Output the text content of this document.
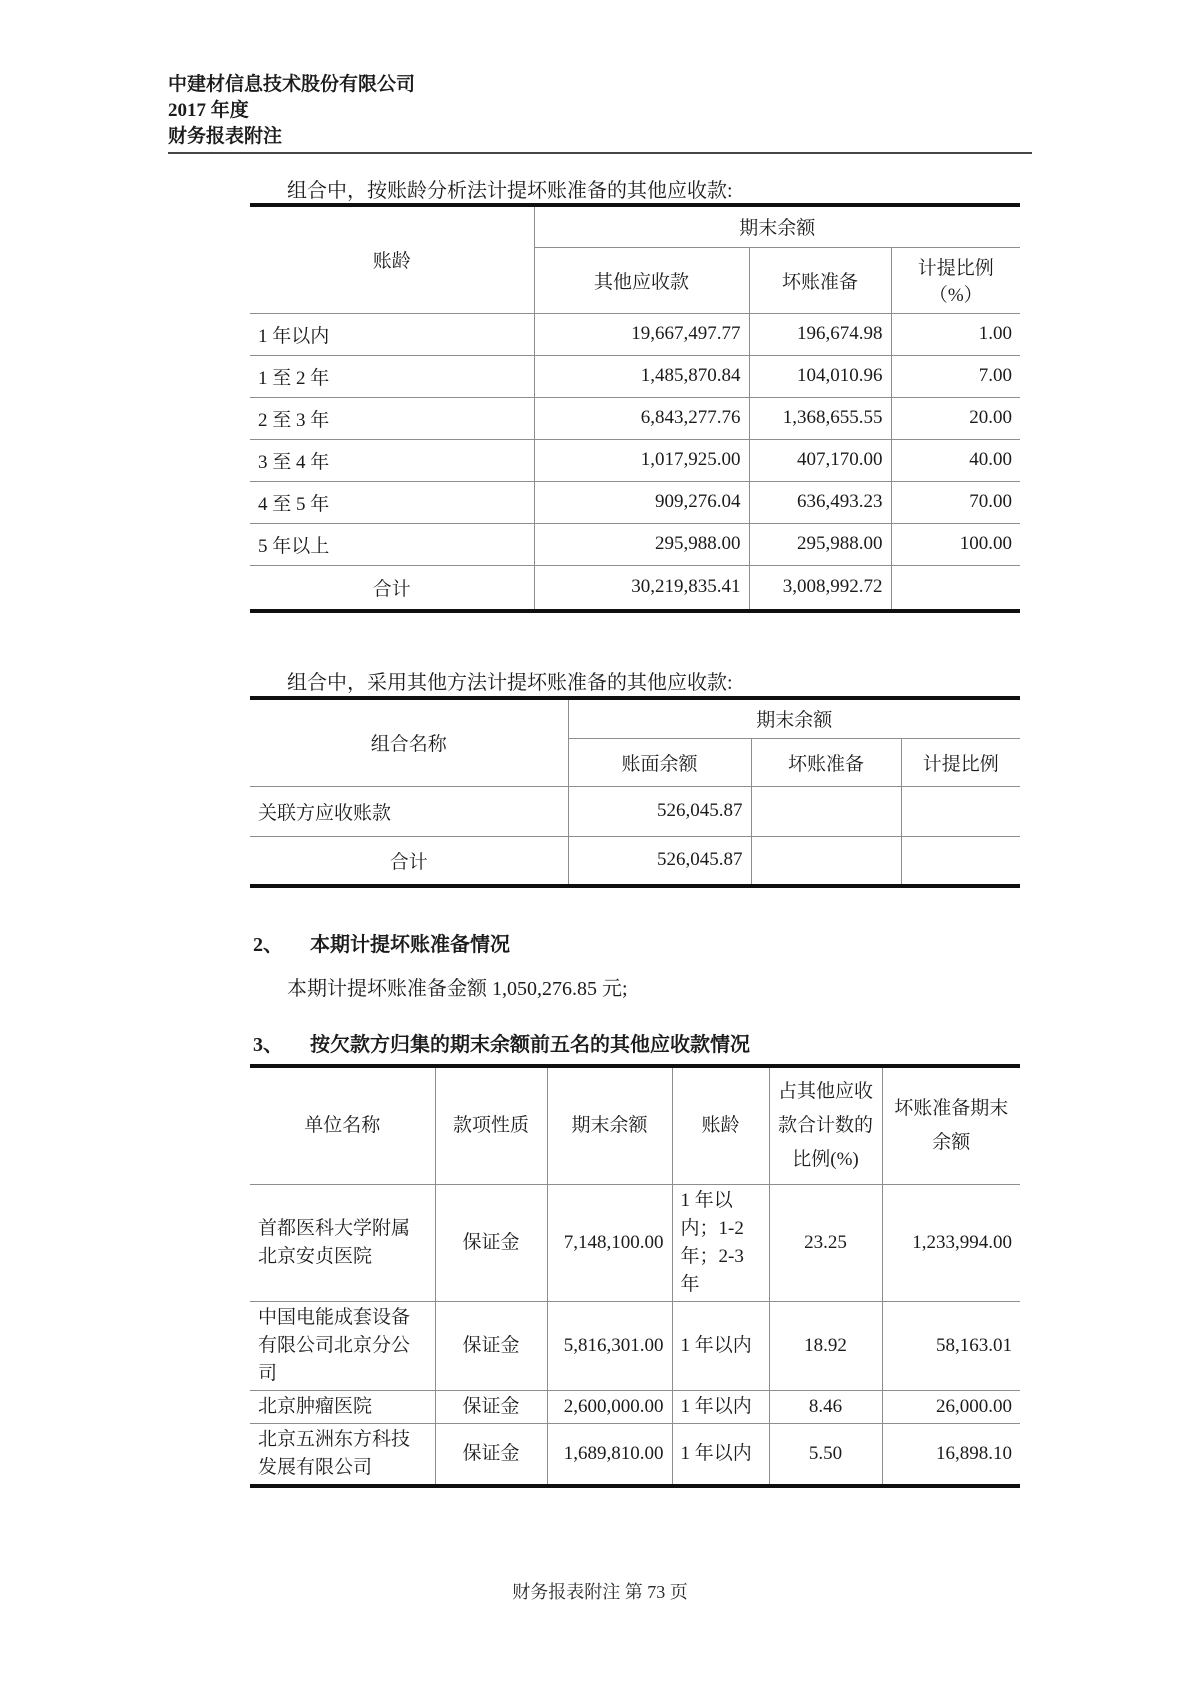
中建材信息技术股份有限公司
2017 年度
财务报表附注
组合中，按账龄分析法计提坏账准备的其他应收款:
账龄	期末余额		
	其他应收款	坏账准备	计提比例
（%）

1 年以内	19,667,497.77	196,674.98	1.00
1 至 2 年	1,485,870.84	104,010.96	7.00
2 至 3 年	6,843,277.76	1,368,655.55	20.00
3 至 4 年	1,017,925.00	407,170.00	40.00
4 至 5 年	909,276.04	636,493.23	70.00
5 年以上	295,988.00	295,988.00	100.00
合计	30,219,835.41	3,008,992.72	
组合中，采用其他方法计提坏账准备的其他应收款:
组合名称	期末余额		
	账面余额	坏账准备	计提比例
关联方应收账款	526,045.87		
合计	526,045.87		
2、 本期计提坏账准备情况
本期计提坏账准备金额 1,050,276.85 元;
3、 按欠款方归集的期末余额前五名的其他应收款情况
单位名称	款项性质	期末余额	账龄	占其他应收款合计数的比例(%)	坏账准备期末余额
首都医科大学附属北京安贞医院	保证金	7,148,100.00	1 年以内；1-2 年；2-3 年	23.25	1,233,994.00
中国电能成套设备有限公司北京分公司	保证金	5,816,301.00	1 年以内	18.92	58,163.01
北京肿瘤医院	保证金	2,600,000.00	1 年以内	8.46	26,000.00
北京五洲东方科技发展有限公司	保证金	1,689,810.00	1 年以内	5.50	16,898.10
财务报表附注 第 73 页
